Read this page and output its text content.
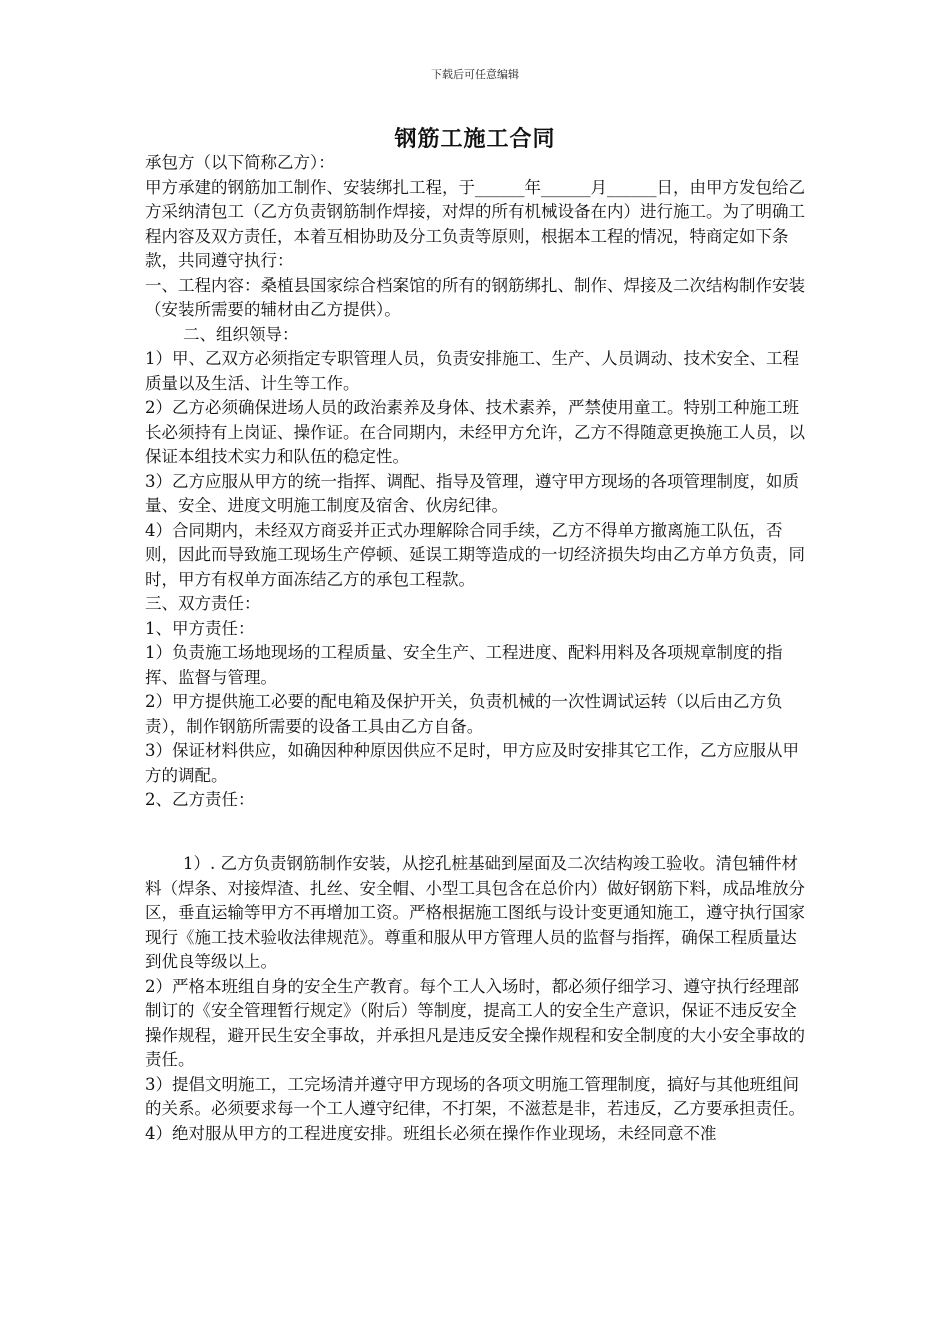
下载后可任意编辑
钢筋工施工合同

承包方（以下简称乙方）：

甲方承建的钢筋加工制作、安装绑扎工程，于______年______月______日，由甲方发包给乙方采纳清包工（乙方负责钢筋制作焊接，对焊的所有机械设备在内）进行施工。为了明确工程内容及双方责任，本着互相协助及分工负责等原则，根据本工程的情况，特商定如下条款，共同遵守执行：

一、工程内容：桑植县国家综合档案馆的所有的钢筋绑扎、制作、焊接及二次结构制作安装（安装所需要的辅材由乙方提供）。

二、组织领导：

1）甲、乙双方必须指定专职管理人员，负责安排施工、生产、人员调动、技术安全、工程质量以及生活、计生等工作。

2）乙方必须确保进场人员的政治素养及身体、技术素养，严禁使用童工。特别工种施工班长必须持有上岗证、操作证。在合同期内，未经甲方允许，乙方不得随意更换施工人员，以保证本组技术实力和队伍的稳定性。

3）乙方应服从甲方的统一指挥、调配、指导及管理，遵守甲方现场的各项管理制度，如质量、安全、进度文明施工制度及宿舍、伙房纪律。

4）合同期内，未经双方商妥并正式办理解除合同手续，乙方不得单方撤离施工队伍，否则，因此而导致施工现场生产停顿、延误工期等造成的一切经济损失均由乙方单方负责，同时，甲方有权单方面冻结乙方的承包工程款。

三、双方责任：

1、甲方责任：

1）负责施工场地现场的工程质量、安全生产、工程进度、配料用料及各项规章制度的指挥、监督与管理。

2）甲方提供施工必要的配电箱及保护开关，负责机械的一次性调试运转（以后由乙方负责），制作钢筋所需要的设备工具由乙方自备。

3）保证材料供应，如确因种种原因供应不足时，甲方应及时安排其它工作，乙方应服从甲方的调配。

2、乙方责任：

1）. 乙方负责钢筋制作安装，从挖孔桩基础到屋面及二次结构竣工验收。清包辅件材料（焊条、对接焊渣、扎丝、安全帽、小型工具包含在总价内）做好钢筋下料，成品堆放分区，垂直运输等甲方不再增加工资。严格根据施工图纸与设计变更通知施工，遵守执行国家现行《施工技术验收法律规范》。尊重和服从甲方管理人员的监督与指挥，确保工程质量达到优良等级以上。

2）严格本班组自身的安全生产教育。每个工人入场时，都必须仔细学习、遵守执行经理部制订的《安全管理暂行规定》（附后）等制度，提高工人的安全生产意识，保证不违反安全操作规程，避开民生安全事故，并承担凡是违反安全操作规程和安全制度的大小安全事故的责任。

3）提倡文明施工，工完场清并遵守甲方现场的各项文明施工管理制度，搞好与其他班组间的关系。必须要求每一个工人遵守纪律，不打架，不滋惹是非，若违反，乙方要承担责任。

4）绝对服从甲方的工程进度安排。班组长必须在操作作业现场，未经同意不准
